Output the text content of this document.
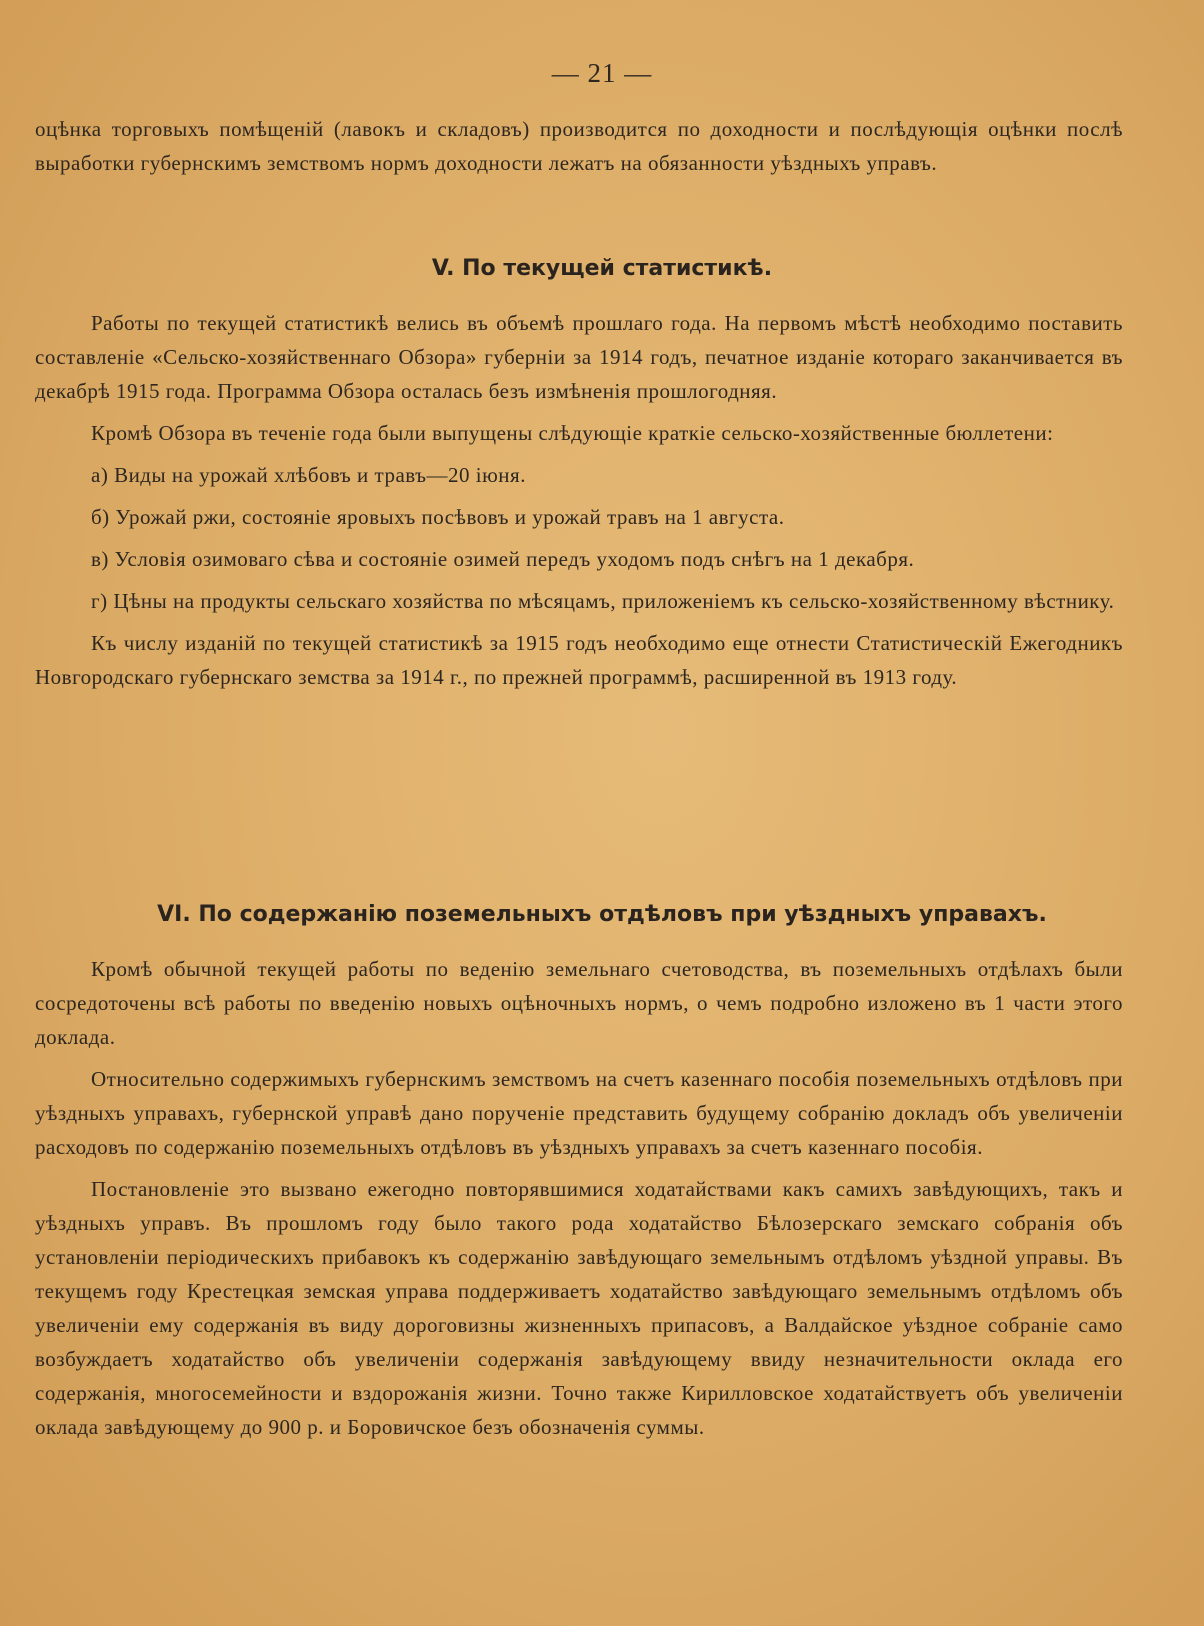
— 21 —

оцѣнка торговыхъ помѣщеній (лавокъ и складовъ) производится по доходности и послѣдующія оцѣнки послѣ выработки губернскимъ земствомъ нормъ доходности лежатъ на обязанности уѣздныхъ управъ.

V. По текущей статистикѣ.

Работы по текущей статистикѣ велись въ объемѣ прошлаго года. На первомъ мѣстѣ необходимо поставить составленіе «Сельско-хозяйственнаго Обзора» губерніи за 1914 годъ, печатное изданіе котораго заканчивается въ декабрѣ 1915 года. Программа Обзора осталась безъ измѣненія прошлогодняя.

Кромѣ Обзора въ теченіе года были выпущены слѣдующіе краткіе сельско-хозяйственные бюллетени:

а) Виды на урожай хлѣбовъ и травъ—20 іюня.

б) Урожай ржи, состояніе яровыхъ посѣвовъ и урожай травъ на 1 августа.

в) Условія озимоваго сѣва и состояніе озимей передъ уходомъ подъ снѣгъ на 1 декабря.

г) Цѣны на продукты сельскаго хозяйства по мѣсяцамъ, приложеніемъ къ сельско-хозяйственному вѣстнику.

Къ числу изданій по текущей статистикѣ за 1915 годъ необходимо еще отнести Статистическій Ежегодникъ Новгородскаго губернскаго земства за 1914 г., по прежней программѣ, расширенной въ 1913 году.

VI. По содержанію поземельныхъ отдѣловъ при уѣздныхъ управахъ.

Кромѣ обычной текущей работы по веденію земельнаго счетоводства, въ поземельныхъ отдѣлахъ были сосредоточены всѣ работы по введенію новыхъ оцѣночныхъ нормъ, о чемъ подробно изложено въ 1 части этого доклада.

Относительно содержимыхъ губернскимъ земствомъ на счетъ казеннаго пособія поземельныхъ отдѣловъ при уѣздныхъ управахъ, губернской управѣ дано порученіе представить будущему собранію докладъ объ увеличеніи расходовъ по содержанію поземельныхъ отдѣловъ въ уѣздныхъ управахъ за счетъ казеннаго пособія.

Постановленіе это вызвано ежегодно повторявшимися ходатайствами какъ самихъ завѣдующихъ, такъ и уѣздныхъ управъ. Въ прошломъ году было такого рода ходатайство Бѣлозерскаго земскаго собранія объ установленіи періодическихъ прибавокъ къ содержанію завѣдующаго земельнымъ отдѣломъ уѣздной управы. Въ текущемъ году Крестецкая земская управа поддерживаетъ ходатайство завѣдующаго земельнымъ отдѣломъ объ увеличеніи ему содержанія въ виду дороговизны жизненныхъ припасовъ, а Валдайское уѣздное собраніе само возбуждаетъ ходатайство объ увеличеніи содержанія завѣдующему ввиду незначительности оклада его содержанія, многосемейности и вздорожанія жизни. Точно также Кирилловское ходатайствуетъ объ увеличеніи оклада завѣдующему до 900 р. и Боровичское безъ обозначенія суммы.
